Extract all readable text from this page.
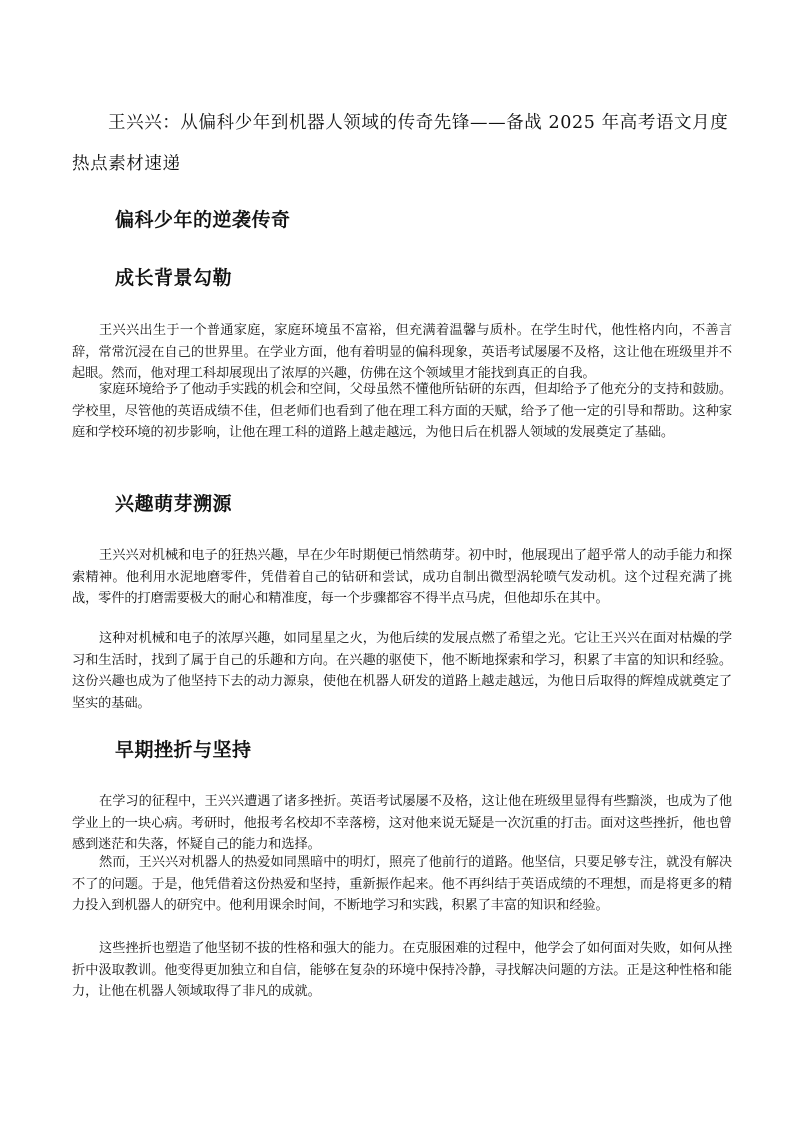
王兴兴：从偏科少年到机器人领域的传奇先锋——备战 2025 年高考语文月度热点素材速递

偏科少年的逆袭传奇
成长背景勾勒

王兴兴出生于一个普通家庭，家庭环境虽不富裕，但充满着温馨与质朴。在学生时代，他性格内向，不善言辞，常常沉浸在自己的世界里。在学业方面，他有着明显的偏科现象，英语考试屡屡不及格，这让他在班级里并不起眼。然而，他对理工科却展现出了浓厚的兴趣，仿佛在这个领域里才能找到真正的自我。

家庭环境给予了他动手实践的机会和空间，父母虽然不懂他所钻研的东西，但却给予了他充分的支持和鼓励。学校里，尽管他的英语成绩不佳，但老师们也看到了他在理工科方面的天赋，给予了他一定的引导和帮助。这种家庭和学校环境的初步影响，让他在理工科的道路上越走越远，为他日后在机器人领域的发展奠定了基础。

兴趣萌芽溯源

王兴兴对机械和电子的狂热兴趣，早在少年时期便已悄然萌芽。初中时，他展现出了超乎常人的动手能力和探索精神。他利用水泥地磨零件，凭借着自己的钻研和尝试，成功自制出微型涡轮喷气发动机。这个过程充满了挑战，零件的打磨需要极大的耐心和精准度，每一个步骤都容不得半点马虎，但他却乐在其中。

这种对机械和电子的浓厚兴趣，如同星星之火，为他后续的发展点燃了希望之光。它让王兴兴在面对枯燥的学习和生活时，找到了属于自己的乐趣和方向。在兴趣的驱使下，他不断地探索和学习，积累了丰富的知识和经验。这份兴趣也成为了他坚持下去的动力源泉，使他在机器人研发的道路上越走越远，为他日后取得的辉煌成就奠定了坚实的基础。

早期挫折与坚持

在学习的征程中，王兴兴遭遇了诸多挫折。英语考试屡屡不及格，这让他在班级里显得有些黯淡，也成为了他学业上的一块心病。考研时，他报考名校却不幸落榜，这对他来说无疑是一次沉重的打击。面对这些挫折，他也曾感到迷茫和失落，怀疑自己的能力和选择。

然而，王兴兴对机器人的热爱如同黑暗中的明灯，照亮了他前行的道路。他坚信，只要足够专注，就没有解决不了的问题。于是，他凭借着这份热爱和坚持，重新振作起来。他不再纠结于英语成绩的不理想，而是将更多的精力投入到机器人的研究中。他利用课余时间，不断地学习和实践，积累了丰富的知识和经验。

这些挫折也塑造了他坚韧不拔的性格和强大的能力。在克服困难的过程中，他学会了如何面对失败，如何从挫折中汲取教训。他变得更加独立和自信，能够在复杂的环境中保持冷静，寻找解决问题的方法。正是这种性格和能力，让他在机器人领域取得了非凡的成就。
